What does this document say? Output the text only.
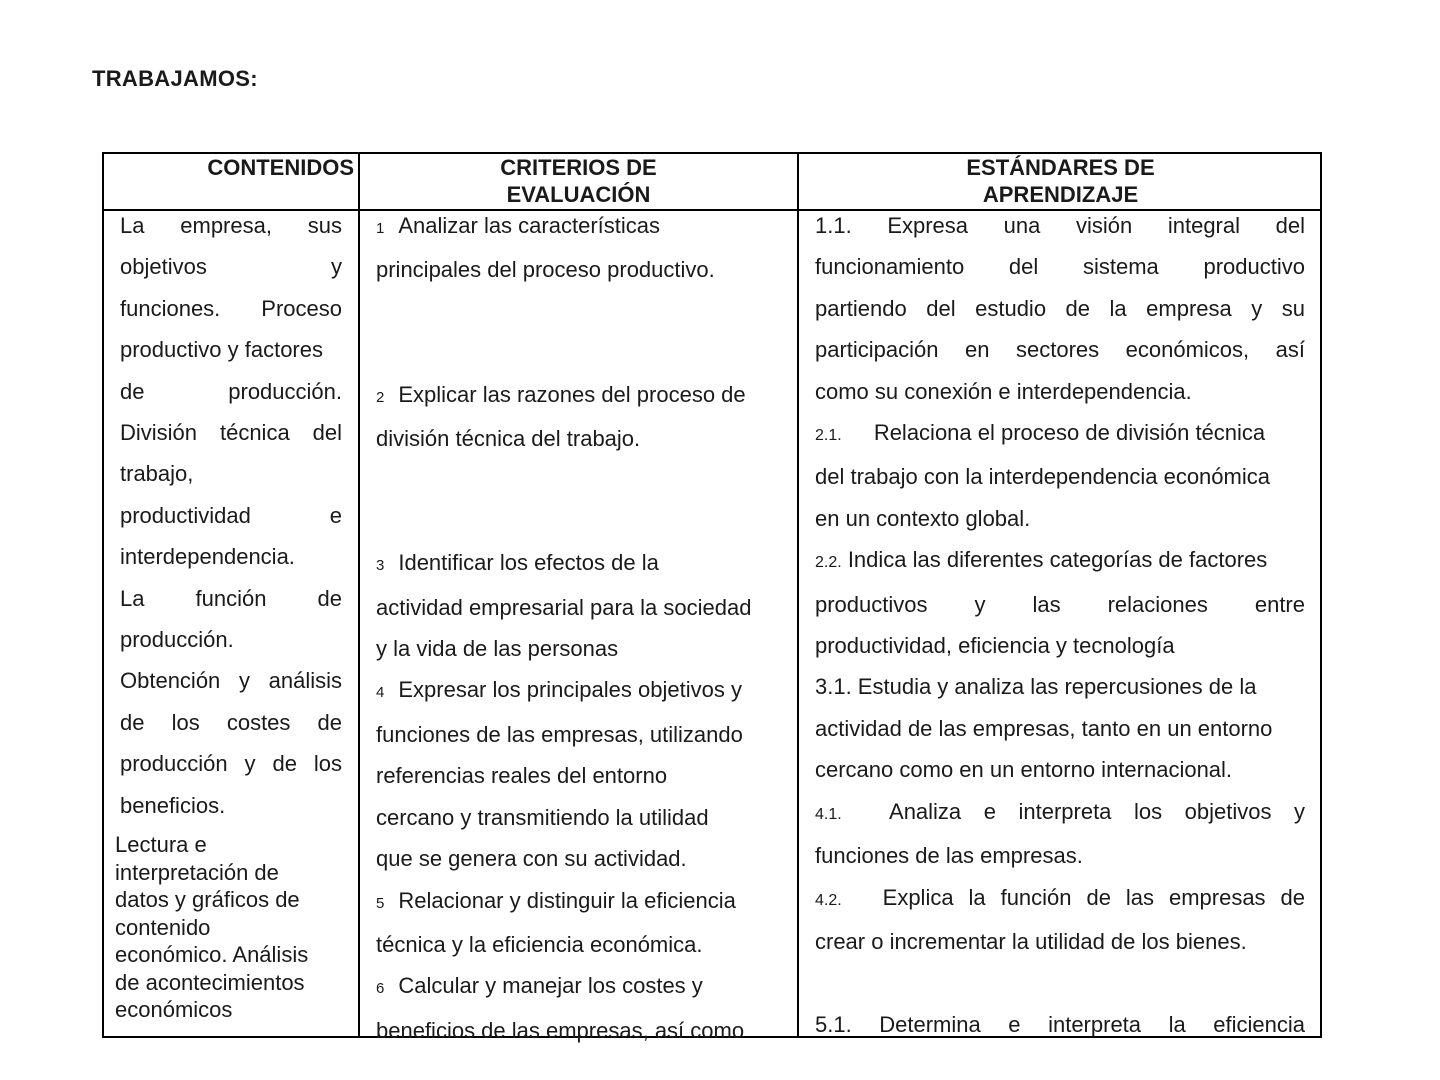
TRABAJAMOS:
CONTENIDOS	CRITERIOS DE
EVALUACIÓN
ESTÁNDARES DE
APRENDIZAJE
La empresa, sus
objetivos y
funciones. Proceso
productivo y factores
de producción.
División técnica del
trabajo,
productividad e
interdependencia.
La función de
producción.
Obtención y análisis
de los costes de
producción y de los
beneficios.
Lectura e
interpretación de
datos y gráficos de
contenido
económico. Análisis
de acontecimientos
económicos
1 Analizar las características
principales del proceso productivo.

2 Explicar las razones del proceso de
división técnica del trabajo.

3 Identificar los efectos de la
actividad empresarial para la sociedad
y la vida de las personas
4 Expresar los principales objetivos y
funciones de las empresas, utilizando
referencias reales del entorno
cercano y transmitiendo la utilidad
que se genera con su actividad.
5 Relacionar y distinguir la eficiencia
técnica y la eficiencia económica.
6 Calcular y manejar los costes y
beneficios de las empresas, así como
1.1. Expresa una visión integral del
funcionamiento del sistema productivo
partiendo del estudio de la empresa y su
participación en sectores económicos, así
como su conexión e interdependencia.
2.1. Relaciona el proceso de división técnica
del trabajo con la interdependencia económica
en un contexto global.
2.2. Indica las diferentes categorías de factores
productivos y las relaciones entre
productividad, eficiencia y tecnología
3.1. Estudia y analiza las repercusiones de la
actividad de las empresas, tanto en un entorno
cercano como en un entorno internacional.
4.1. Analiza e interpreta los objetivos y
funciones de las empresas.
4.2. Explica la función de las empresas de
crear o incrementar la utilidad de los bienes.

5.1. Determina e interpreta la eficiencia
